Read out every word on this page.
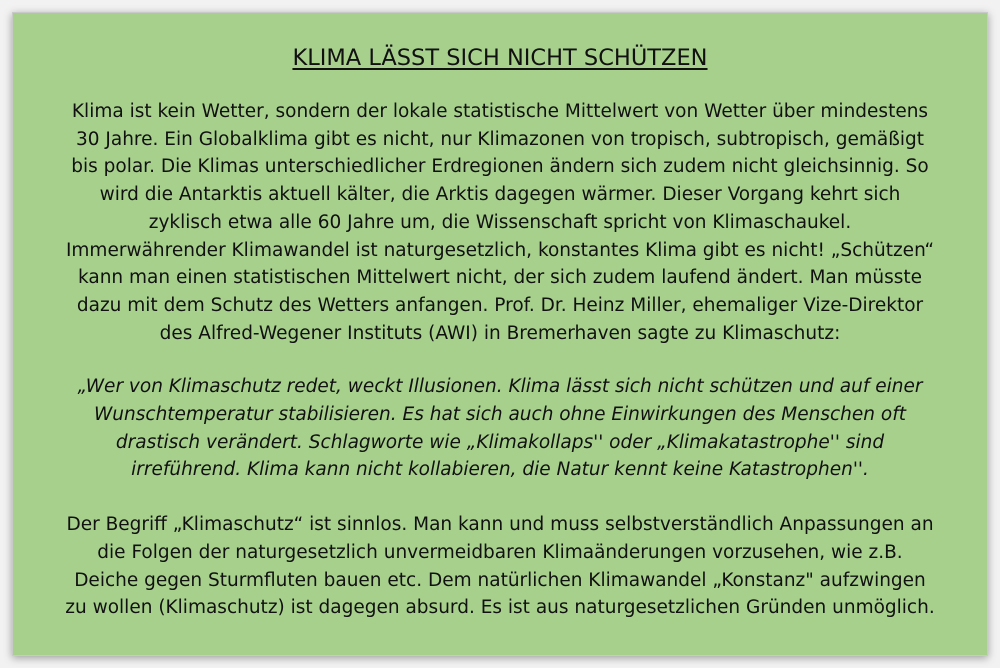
KLIMA LÄSST SICH NICHT SCHÜTZEN

Klima ist kein Wetter, sondern der lokale statistische Mittelwert von Wetter über mindestens
30 Jahre. Ein Globalklima gibt es nicht, nur Klimazonen von tropisch, subtropisch, gemäßigt
bis polar. Die Klimas unterschiedlicher Erdregionen ändern sich zudem nicht gleichsinnig. So
wird die Antarktis aktuell kälter, die Arktis dagegen wärmer. Dieser Vorgang kehrt sich
zyklisch etwa alle 60 Jahre um, die Wissenschaft spricht von Klimaschaukel.
Immerwährender Klimawandel ist naturgesetzlich, konstantes Klima gibt es nicht! „Schützen“
kann man einen statistischen Mittelwert nicht, der sich zudem laufend ändert. Man müsste
dazu mit dem Schutz des Wetters anfangen. Prof. Dr. Heinz Miller, ehemaliger Vize-Direktor
des Alfred-Wegener Instituts (AWI) in Bremerhaven sagte zu Klimaschutz:

„Wer von Klimaschutz redet, weckt Illusionen. Klima lässt sich nicht schützen und auf einer
Wunschtemperatur stabilisieren. Es hat sich auch ohne Einwirkungen des Menschen oft
drastisch verändert. Schlagworte wie „Klimakollaps'' oder „Klimakatastrophe'' sind
irreführend. Klima kann nicht kollabieren, die Natur kennt keine Katastrophen''.

Der Begriff „Klimaschutz“ ist sinnlos. Man kann und muss selbstverständlich Anpassungen an
die Folgen der naturgesetzlich unvermeidbaren Klimaänderungen vorzusehen, wie z.B.
Deiche gegen Sturmfluten bauen etc. Dem natürlichen Klimawandel „Konstanz" aufzwingen
zu wollen (Klimaschutz) ist dagegen absurd. Es ist aus naturgesetzlichen Gründen unmöglich.
